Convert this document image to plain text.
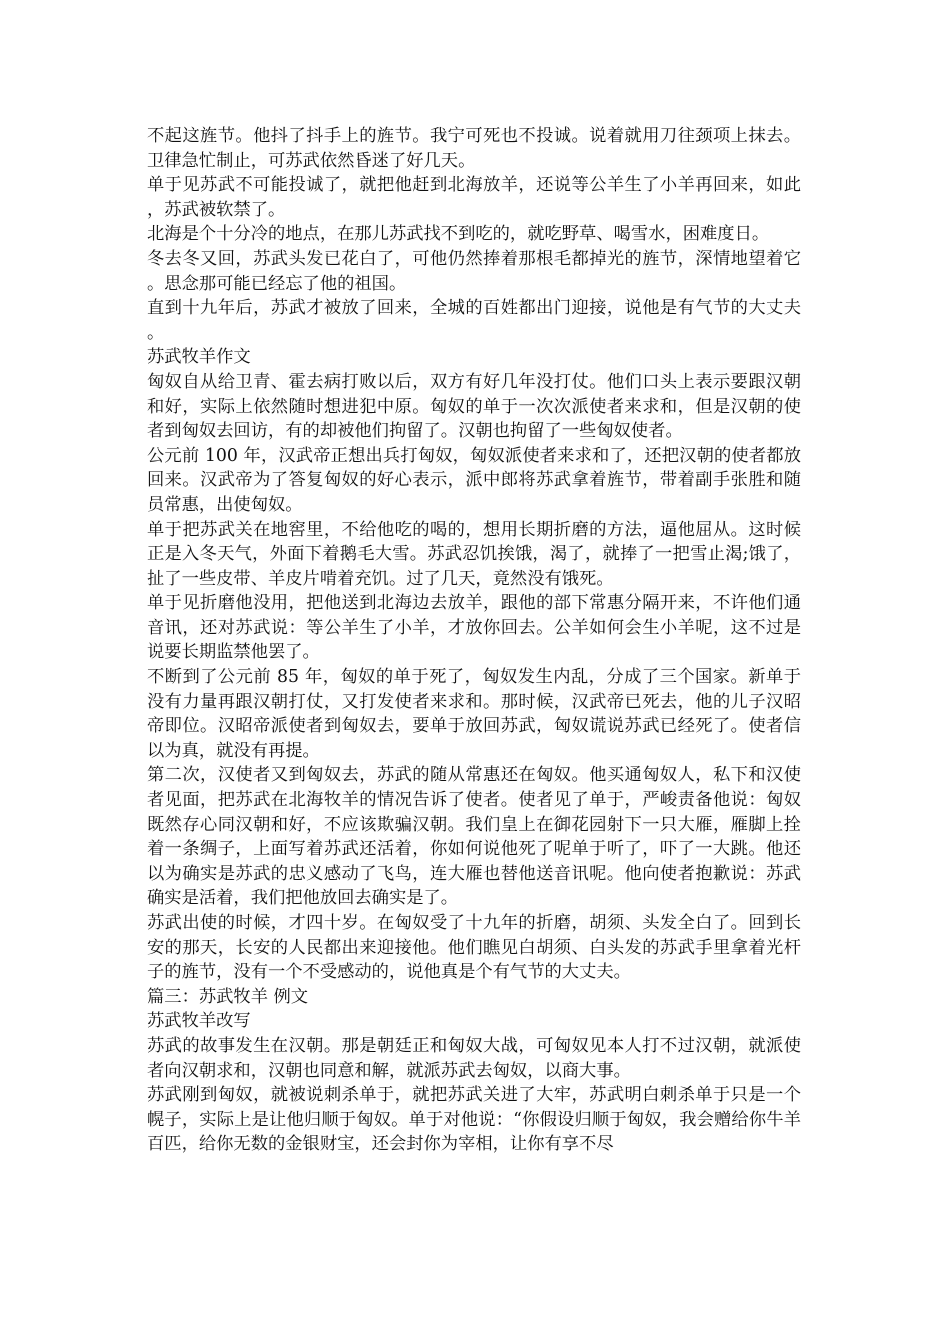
不起这旌节。他抖了抖手上的旌节。我宁可死也不投诚。说着就用刀往颈项上抹去。卫律急忙制止，可苏武依然昏迷了好几天。

单于见苏武不可能投诚了，就把他赶到北海放羊，还说等公羊生了小羊再回来，如此，苏武被软禁了。

北海是个十分冷的地点，在那儿苏武找不到吃的，就吃野草、喝雪水，困难度日。

冬去冬又回，苏武头发已花白了，可他仍然捧着那根毛都掉光的旌节，深情地望着它。思念那可能已经忘了他的祖国。

直到十九年后，苏武才被放了回来，全城的百姓都出门迎接，说他是有气节的大丈夫。

苏武牧羊作文

匈奴自从给卫青、霍去病打败以后，双方有好几年没打仗。他们口头上表示要跟汉朝和好，实际上依然随时想进犯中原。匈奴的单于一次次派使者来求和，但是汉朝的使者到匈奴去回访，有的却被他们拘留了。汉朝也拘留了一些匈奴使者。

公元前 100 年，汉武帝正想出兵打匈奴，匈奴派使者来求和了，还把汉朝的使者都放回来。汉武帝为了答复匈奴的好心表示，派中郎将苏武拿着旌节，带着副手张胜和随员常惠，出使匈奴。

单于把苏武关在地窖里，不给他吃的喝的，想用长期折磨的方法，逼他屈从。这时候正是入冬天气，外面下着鹅毛大雪。苏武忍饥挨饿，渴了，就捧了一把雪止渴;饿了，扯了一些皮带、羊皮片啃着充饥。过了几天，竟然没有饿死。

单于见折磨他没用，把他送到北海边去放羊，跟他的部下常惠分隔开来，不许他们通音讯，还对苏武说：等公羊生了小羊，才放你回去。公羊如何会生小羊呢，这不过是说要长期监禁他罢了。

不断到了公元前 85 年，匈奴的单于死了，匈奴发生内乱，分成了三个国家。新单于没有力量再跟汉朝打仗，又打发使者来求和。那时候，汉武帝已死去，他的儿子汉昭帝即位。汉昭帝派使者到匈奴去，要单于放回苏武，匈奴谎说苏武已经死了。使者信以为真，就没有再提。

第二次，汉使者又到匈奴去，苏武的随从常惠还在匈奴。他买通匈奴人，私下和汉使者见面，把苏武在北海牧羊的情况告诉了使者。使者见了单于，严峻责备他说：匈奴既然存心同汉朝和好，不应该欺骗汉朝。我们皇上在御花园射下一只大雁，雁脚上拴着一条绸子，上面写着苏武还活着，你如何说他死了呢单于听了，吓了一大跳。他还以为确实是苏武的忠义感动了飞鸟，连大雁也替他送音讯呢。他向使者抱歉说：苏武确实是活着，我们把他放回去确实是了。

苏武出使的时候，才四十岁。在匈奴受了十九年的折磨，胡须、头发全白了。回到长安的那天，长安的人民都出来迎接他。他们瞧见白胡须、白头发的苏武手里拿着光杆子的旌节，没有一个不受感动的，说他真是个有气节的大丈夫。

篇三：苏武牧羊 例文

苏武牧羊改写

苏武的故事发生在汉朝。那是朝廷正和匈奴大战，可匈奴见本人打不过汉朝，就派使者向汉朝求和，汉朝也同意和解，就派苏武去匈奴，以商大事。

苏武刚到匈奴，就被说刺杀单于，就把苏武关进了大牢，苏武明白刺杀单于只是一个幌子，实际上是让他归顺于匈奴。单于对他说：“你假设归顺于匈奴，我会赠给你牛羊百匹，给你无数的金银财宝，还会封你为宰相，让你有享不尽
